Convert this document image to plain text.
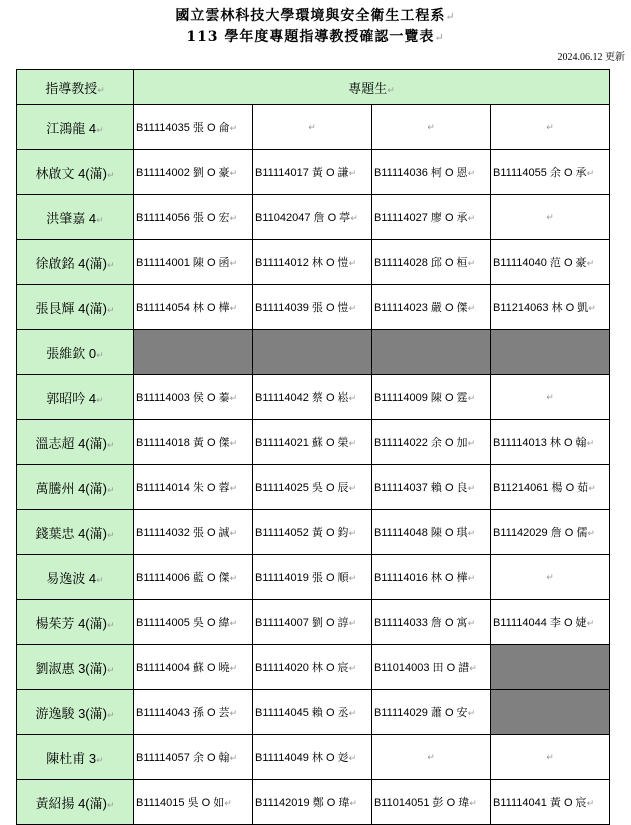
國立雲林科技大學環境與安全衛生工程系↵
113 學年度專題指導教授確認一覽表↵
2024.06.12 更新
指導教授↵	專題生↵			
江鴻龍 4↵	B11114035 張 O 侖↵	↵	↵	↵
林啟文 4(滿)↵	B11114002 劉 O 豪↵	B11114017 黃 O 謙↵	B11114036 柯 O 恩↵	B11114055 余 O 承↵
洪肇嘉 4↵	B11114056 張 O 宏↵	B11042047 詹 O 葶↵	B11114027 廖 O 承↵	↵
徐啟銘 4(滿)↵	B11114001 陳 O 函↵	B11114012 林 O 愷↵	B11114028 邱 O 桓↵	B11114040 范 O 豪↵
張艮輝 4(滿)↵	B11114054 林 O 樺↵	B11114039 張 O 愷↵	B11114023 嚴 O 傑↵	B11214063 林 O 凱↵
張維欽 0↵				
郭昭吟 4↵	B11114003 侯 O 蓁↵	B11114042 蔡 O 崧↵	B11114009 陳 O 霆↵	↵
溫志超 4(滿)↵	B11114018 黃 O 傑↵	B11114021 蘇 O 榮↵	B11114022 余 O 加↵	B11114013 林 O 翰↵
萬騰州 4(滿)↵	B11114014 朱 O 蓉↵	B11114025 吳 O 辰↵	B11114037 賴 O 良↵	B11214061 楊 O 茹↵
錢葉忠 4(滿)↵	B11114032 張 O 誠↵	B11114052 黃 O 鈞↵	B11114048 陳 O 琪↵	B11142029 詹 O 儒↵
易逸波 4↵	B11114006 藍 O 傑↵	B11114019 張 O 順↵	B11114016 林 O 樺↵	↵
楊茱芳 4(滿)↵	B11114005 吳 O 緯↵	B11114007 劉 O 諄↵	B11114033 詹 O 寓↵	B11114044 李 O 婕↵
劉淑惠 3(滿)↵	B11114004 蘇 O 曉↵	B11114020 林 O 宸↵	B11014003 田 O 譜↵	
游逸駿 3(滿)↵	B11114043 孫 O 芸↵	B11114045 賴 O 丞↵	B11114029 蕭 O 安↵	
陳杜甫 3↵	B11114057 余 O 翰↵	B11114049 林 O 彣↵	↵	↵
黃紹揚 4(滿)↵	B1114015 吳 O 如↵	B11142019 鄭 O 瑋↵	B11014051 彭 O 瑋↵	B11114041 黃 O 宸↵
